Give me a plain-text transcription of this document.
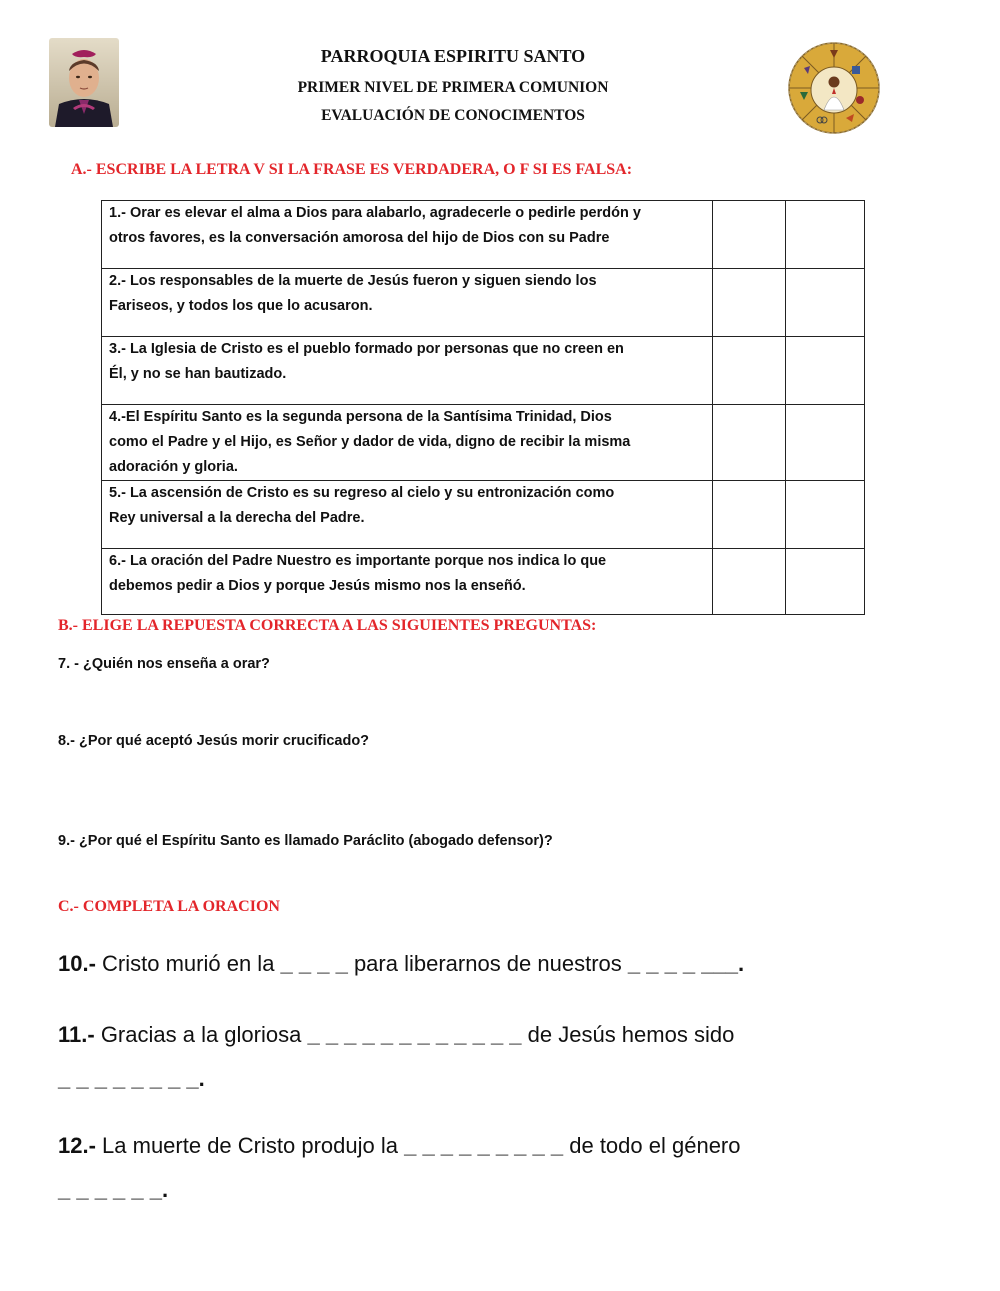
PARROQUIA ESPIRITU SANTO
PRIMER NIVEL DE PRIMERA COMUNION
EVALUACIÓN DE CONOCIMENTOS
A.- ESCRIBE LA LETRA V SI LA FRASE ES VERDADERA, O F SI ES FALSA:
1.- Orar es elevar el alma a Dios para alabarlo, agradecerle o pedirle perdón y
otros favores, es la conversación amorosa del hijo de Dios con su Padre		

2.- Los responsables de la muerte de Jesús fueron y siguen siendo los
Fariseos, y todos los que lo acusaron.		

3.- La Iglesia de Cristo es el pueblo formado por personas que no creen en
Él, y no se han bautizado.		

4.-El Espíritu Santo es la segunda persona de la Santísima Trinidad, Dios
como el Padre y el Hijo, es Señor y dador de vida, digno de recibir la misma
adoración y gloria.		

5.- La ascensión de Cristo es su regreso al cielo y su entronización como
Rey universal a la derecha del Padre.		

6.- La oración del Padre Nuestro es importante porque nos indica lo que
debemos pedir a Dios y porque Jesús mismo nos la enseñó.		

B.- ELIGE LA REPUESTA CORRECTA A LAS SIGUIENTES PREGUNTAS:
7. - ¿Quién nos enseña a orar?
8.- ¿Por qué aceptó Jesús morir crucificado?
9.- ¿Por qué el Espíritu Santo es llamado Paráclito (abogado defensor)?
C.- COMPLETA LA ORACION
10.- Cristo murió en la _ _ _ _ para liberarnos de nuestros _ _ _ _ ___.
11.- Gracias a la gloriosa _ _ _ _ _ _ _ _ _ _ _ _ de Jesús hemos sido
_ _ _ _ _ _ _ _.
12.- La muerte de Cristo produjo la _ _ _ _ _ _ _ _ _ de todo el género
_ _ _ _ _ _.
